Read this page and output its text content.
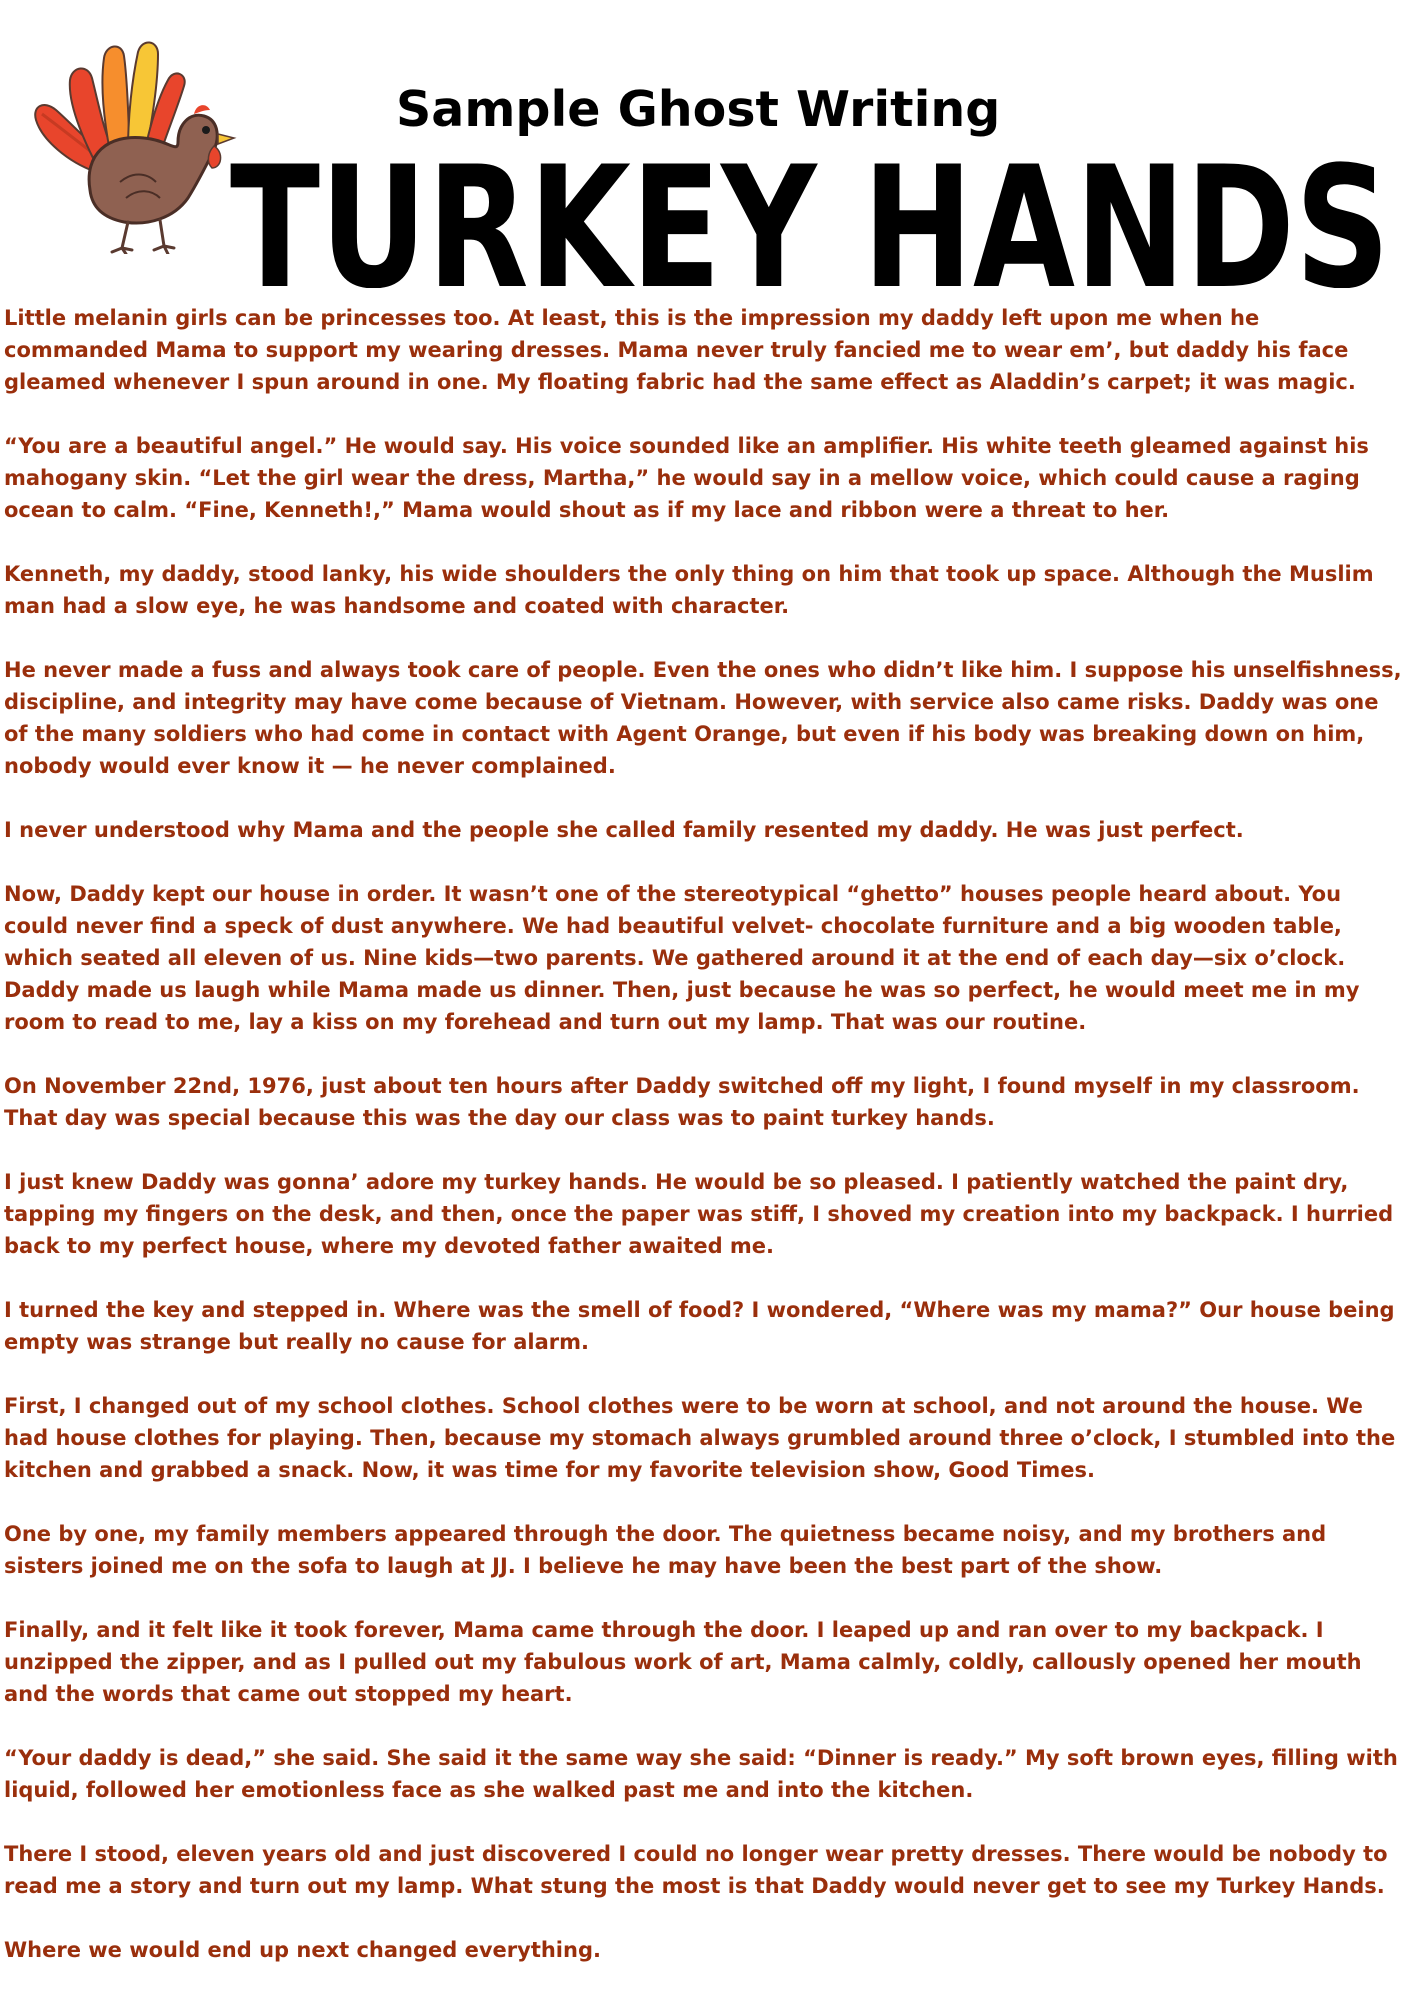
Sample Ghost Writing
TURKEY HANDS

Little melanin girls can be princesses too. At least, this is the impression my daddy left upon me when he commanded Mama to support my wearing dresses. Mama never truly fancied me to wear em’, but daddy his face gleamed whenever I spun around in one. My floating fabric had the same effect as Aladdin’s carpet; it was magic.

“You are a beautiful angel.” He would say. His voice sounded like an amplifier. His white teeth gleamed against his mahogany skin. “Let the girl wear the dress, Martha,” he would say in a mellow voice, which could cause a raging ocean to calm. “Fine, Kenneth!,” Mama would shout as if my lace and ribbon were a threat to her.

Kenneth, my daddy, stood lanky, his wide shoulders the only thing on him that took up space. Although the Muslim man had a slow eye, he was handsome and coated with character.

He never made a fuss and always took care of people. Even the ones who didn’t like him. I suppose his unselfishness, discipline, and integrity may have come because of Vietnam. However, with service also came risks. Daddy was one of the many soldiers who had come in contact with Agent Orange, but even if his body was breaking down on him, nobody would ever know it — he never complained.

I never understood why Mama and the people she called family resented my daddy. He was just perfect.

Now, Daddy kept our house in order. It wasn’t one of the stereotypical “ghetto” houses people heard about. You could never find a speck of dust anywhere. We had beautiful velvet- chocolate furniture and a big wooden table, which seated all eleven of us. Nine kids—two parents. We gathered around it at the end of each day—six o’clock. Daddy made us laugh while Mama made us dinner. Then, just because he was so perfect, he would meet me in my room to read to me, lay a kiss on my forehead and turn out my lamp. That was our routine.

On November 22nd, 1976, just about ten hours after Daddy switched off my light, I found myself in my classroom. That day was special because this was the day our class was to paint turkey hands.

I just knew Daddy was gonna’ adore my turkey hands. He would be so pleased. I patiently watched the paint dry, tapping my fingers on the desk, and then, once the paper was stiff, I shoved my creation into my backpack. I hurried back to my perfect house, where my devoted father awaited me.

I turned the key and stepped in. Where was the smell of food? I wondered, “Where was my mama?” Our house being empty was strange but really no cause for alarm.

First, I changed out of my school clothes. School clothes were to be worn at school, and not around the house. We had house clothes for playing. Then, because my stomach always grumbled around three o’clock, I stumbled into the kitchen and grabbed a snack. Now, it was time for my favorite television show, Good Times.

One by one, my family members appeared through the door. The quietness became noisy, and my brothers and sisters joined me on the sofa to laugh at JJ. I believe he may have been the best part of the show.

Finally, and it felt like it took forever, Mama came through the door. I leaped up and ran over to my backpack. I unzipped the zipper, and as I pulled out my fabulous work of art, Mama calmly, coldly, callously opened her mouth and the words that came out stopped my heart.

“Your daddy is dead,” she said. She said it the same way she said: “Dinner is ready.” My soft brown eyes, filling with liquid, followed her emotionless face as she walked past me and into the kitchen.

There I stood, eleven years old and just discovered I could no longer wear pretty dresses. There would be nobody to read me a story and turn out my lamp. What stung the most is that Daddy would never get to see my Turkey Hands.

Where we would end up next changed everything.
